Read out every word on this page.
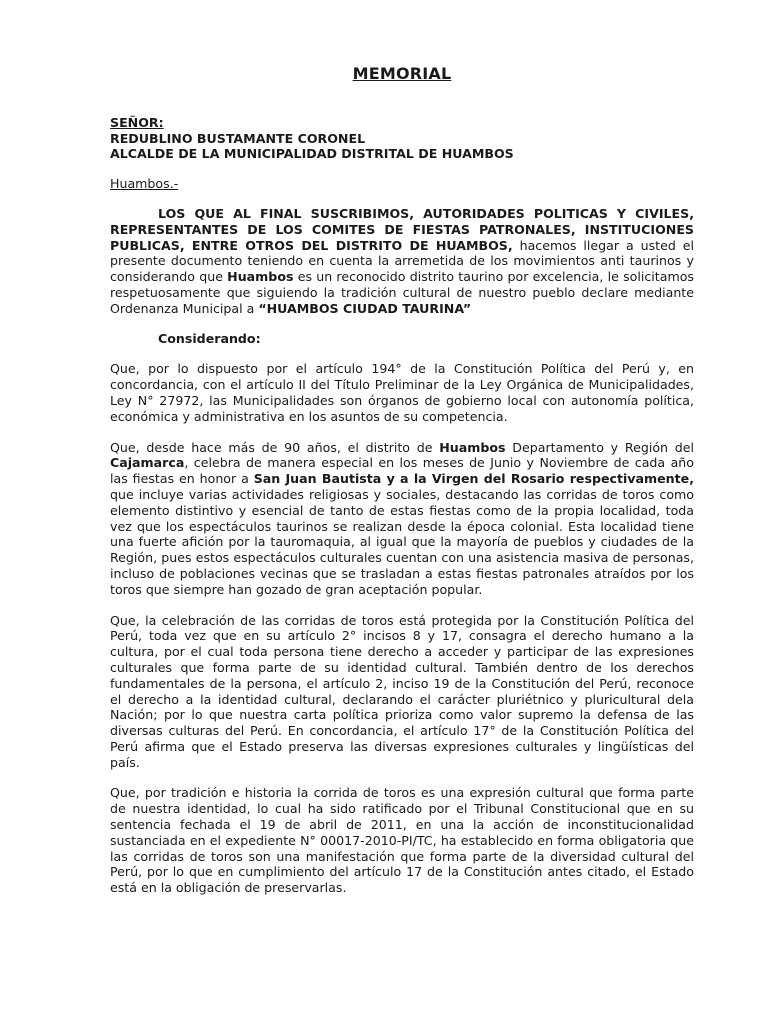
MEMORIAL
SEÑOR:
REDUBLINO BUSTAMANTE CORONEL
ALCALDE DE LA MUNICIPALIDAD DISTRITAL DE HUAMBOS
Huambos.-

LOS QUE AL FINAL SUSCRIBIMOS, AUTORIDADES POLITICAS Y CIVILES, REPRESENTANTES DE LOS COMITES DE FIESTAS PATRONALES, INSTITUCIONES PUBLICAS, ENTRE OTROS DEL DISTRITO DE HUAMBOS, hacemos llegar a usted el presente documento teniendo en cuenta la arremetida de los movimientos anti taurinos y considerando que Huambos es un reconocido distrito taurino por excelencia, le solicitamos respetuosamente que siguiendo la tradición cultural de nuestro pueblo declare mediante Ordenanza Municipal a “HUAMBOS CIUDAD TAURINA”

Considerando:

Que, por lo dispuesto por el artículo 194° de la Constitución Política del Perú y, en concordancia, con el artículo II del Título Preliminar de la Ley Orgánica de Municipalidades, Ley N° 27972, las Municipalidades son órganos de gobierno local con autonomía política, económica y administrativa en los asuntos de su competencia.

Que, desde hace más de 90 años, el distrito de Huambos Departamento y Región del Cajamarca, celebra de manera especial en los meses de Junio y Noviembre de cada año las fiestas en honor a San Juan Bautista y a la Virgen del Rosario respectivamente, que incluye varias actividades religiosas y sociales, destacando las corridas de toros como elemento distintivo y esencial de tanto de estas fiestas como de la propia localidad, toda vez que los espectáculos taurinos se realizan desde la época colonial. Esta localidad tiene una fuerte afición por la tauromaquia, al igual que la mayoría de pueblos y ciudades de la Región, pues estos espectáculos culturales cuentan con una asistencia masiva de personas, incluso de poblaciones vecinas que se trasladan a estas fiestas patronales atraídos por los toros que siempre han gozado de gran aceptación popular.

Que, la celebración de las corridas de toros está protegida por la Constitución Política del Perú, toda vez que en su artículo 2° incisos 8 y 17, consagra el derecho humano a la cultura, por el cual toda persona tiene derecho a acceder y participar de las expresiones culturales que forma parte de su identidad cultural. También dentro de los derechos fundamentales de la persona, el artículo 2, inciso 19 de la Constitución del Perú, reconoce el derecho a la identidad cultural, declarando el carácter pluriétnico y pluricultural dela Nación; por lo que nuestra carta política prioriza como valor supremo la defensa de las diversas culturas del Perú. En concordancia, el artículo 17° de la Constitución Política del Perú afirma que el Estado preserva las diversas expresiones culturales y lingüísticas del país.

Que, por tradición e historia la corrida de toros es una expresión cultural que forma parte de nuestra identidad, lo cual ha sido ratificado por el Tribunal Constitucional que en su sentencia fechada el 19 de abril de 2011, en una la acción de inconstitucionalidad sustanciada en el expediente N° 00017-2010-PI/TC, ha establecido en forma obligatoria que las corridas de toros son una manifestación que forma parte de la diversidad cultural del Perú, por lo que en cumplimiento del artículo 17 de la Constitución antes citado, el Estado está en la obligación de preservarlas.
